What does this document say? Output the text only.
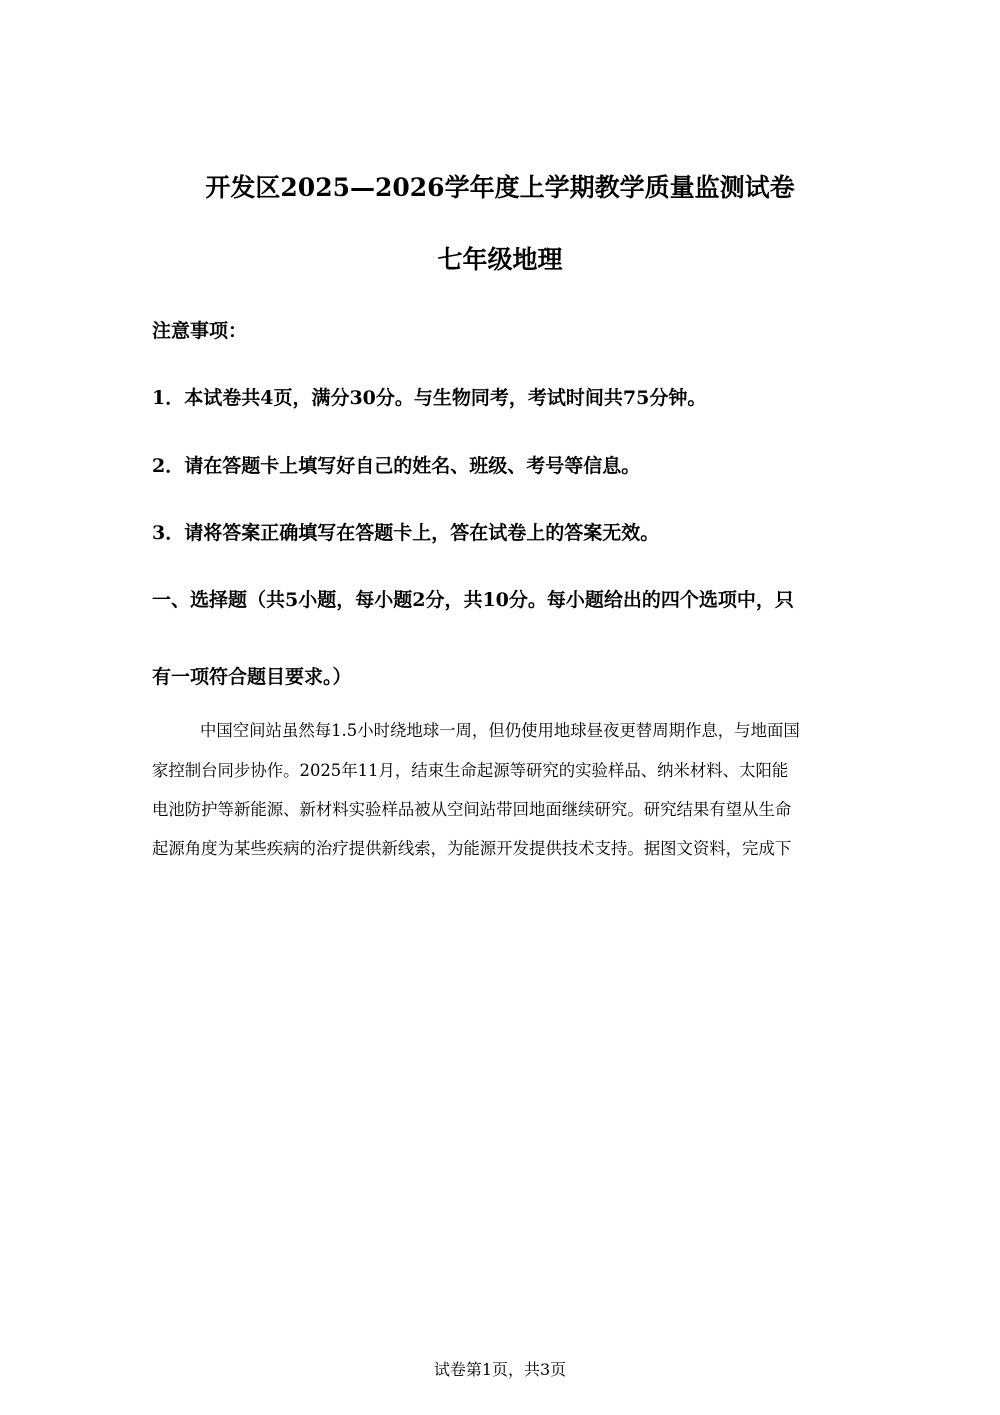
开发区2025—2026学年度上学期教学质量监测试卷
七年级地理
注意事项：
1．本试卷共4页，满分30分。与生物同考，考试时间共75分钟。
2．请在答题卡上填写好自己的姓名、班级、考号等信息。
3．请将答案正确填写在答题卡上，答在试卷上的答案无效。
一、选择题（共5小题，每小题2分，共10分。每小题给出的四个选项中，只
有一项符合题目要求。）
中国空间站虽然每1.5小时绕地球一周，但仍使用地球昼夜更替周期作息，与地面国
家控制台同步协作。2025年11月，结束生命起源等研究的实验样品、纳米材料、太阳能
电池防护等新能源、新材料实验样品被从空间站带回地面继续研究。研究结果有望从生命
起源角度为某些疾病的治疗提供新线索，为能源开发提供技术支持。据图文资料，完成下
试卷第1页，共3页
